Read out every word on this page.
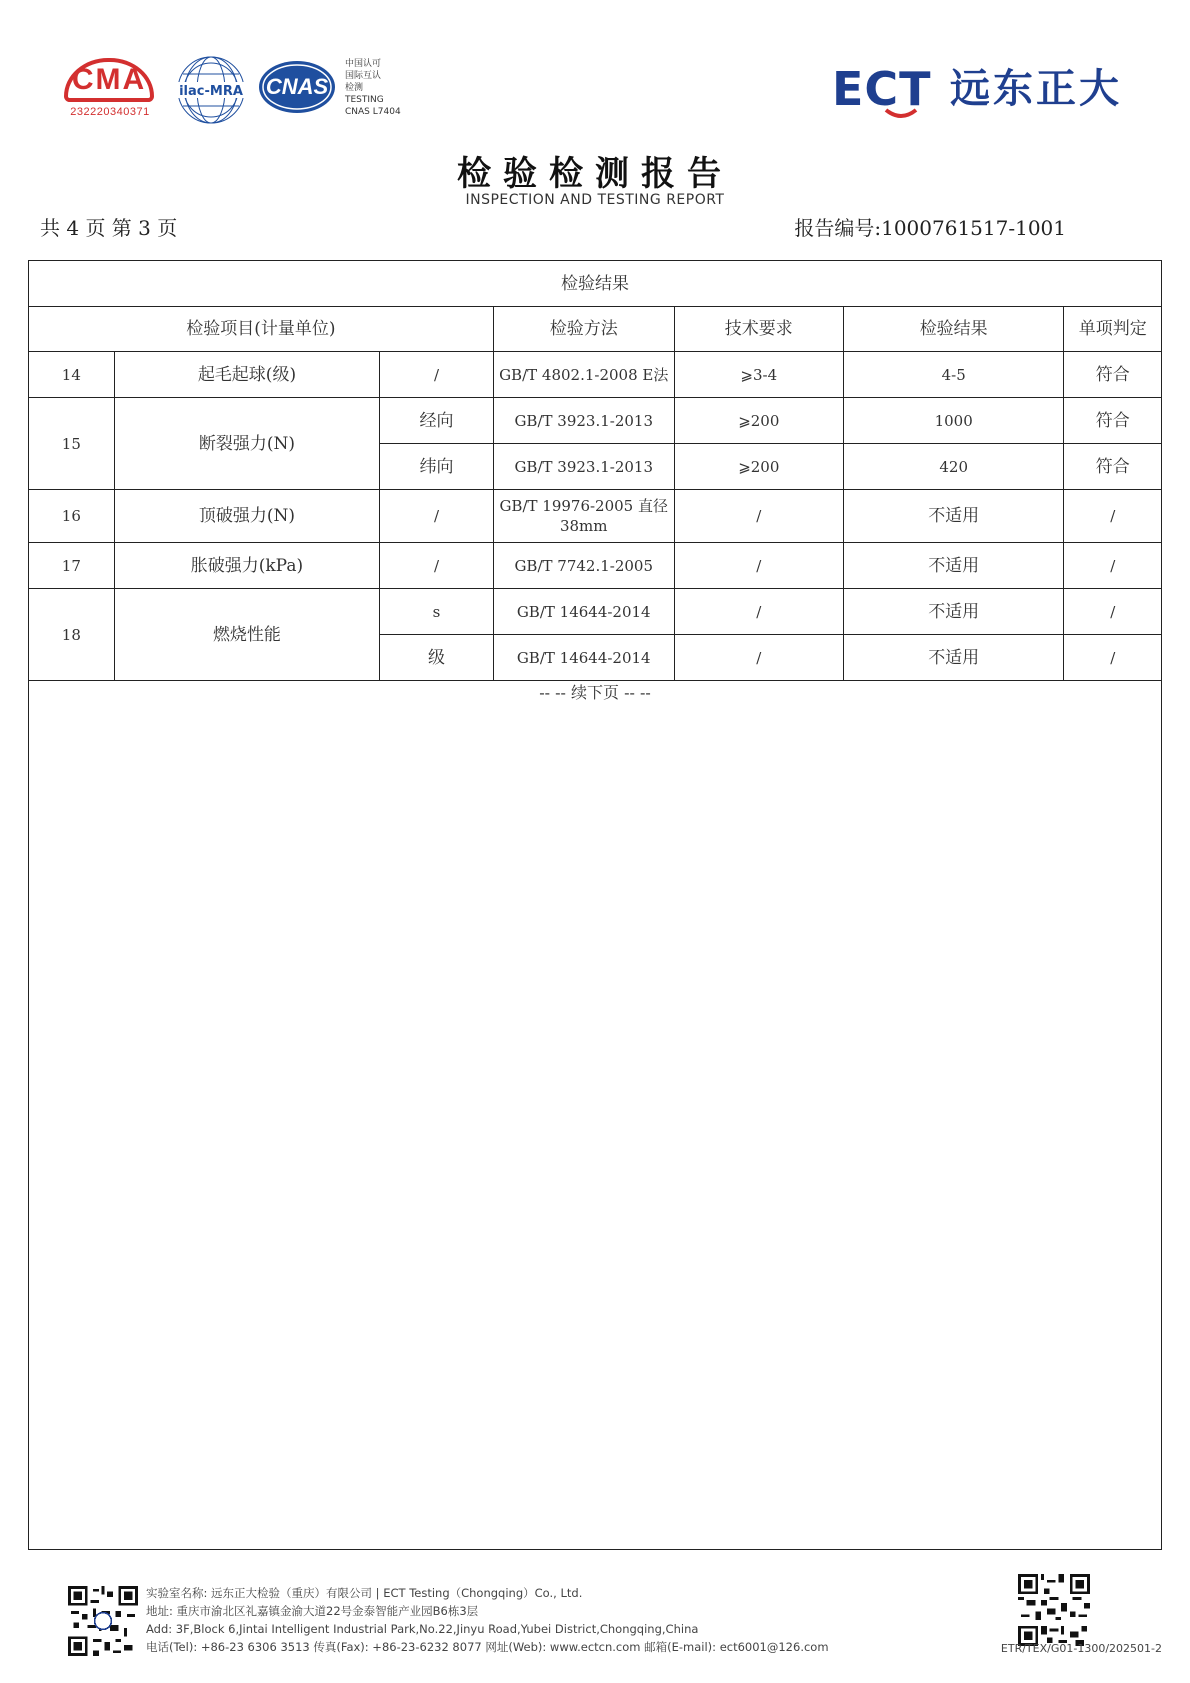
CMA
232220340371
ilac-MRA CNAS
中国认可
国际互认
检测
TESTING
CNAS L7404	ECT 远东正大
检验检测报告
INSPECTION AND TESTING REPORT
共 4 页 第 3 页	报告编号:1000761517-1001
检验结果						
检验项目(计量单位)			检验方法	技术要求	检验结果	单项判定
14	起毛起球(级)	/	GB/T 4802.1-2008 E法	⩾3-4	4-5	符合
15	断裂强力(N)	经向	GB/T 3923.1-2013	⩾200	1000	符合
		纬向	GB/T 3923.1-2013	⩾200	420	符合
16	顶破强力(N)	/	GB/T 19976-2005 直径38mm	/	不适用	/
17	胀破强力(kPa)	/	GB/T 7742.1-2005	/	不适用	/
18	燃烧性能	s	GB/T 14644-2014	/	不适用	/
		级	GB/T 14644-2014	/	不适用	/
-- -- 续下页 -- --
实验室名称: 远东正大检验（重庆）有限公司 | ECT Testing（Chongqing）Co., Ltd.
地址: 重庆市渝北区礼嘉镇金渝大道22号金泰智能产业园B6栋3层
Add: 3F,Block 6,Jintai Intelligent Industrial Park,No.22,Jinyu Road,Yubei District,Chongqing,China
电话(Tel): +86-23 6306 3513 传真(Fax): +86-23-6232 8077 网址(Web): www.ectcn.com 邮箱(E-mail): ect6001@126.com	ETR/TEX/G01-1300/202501-2
